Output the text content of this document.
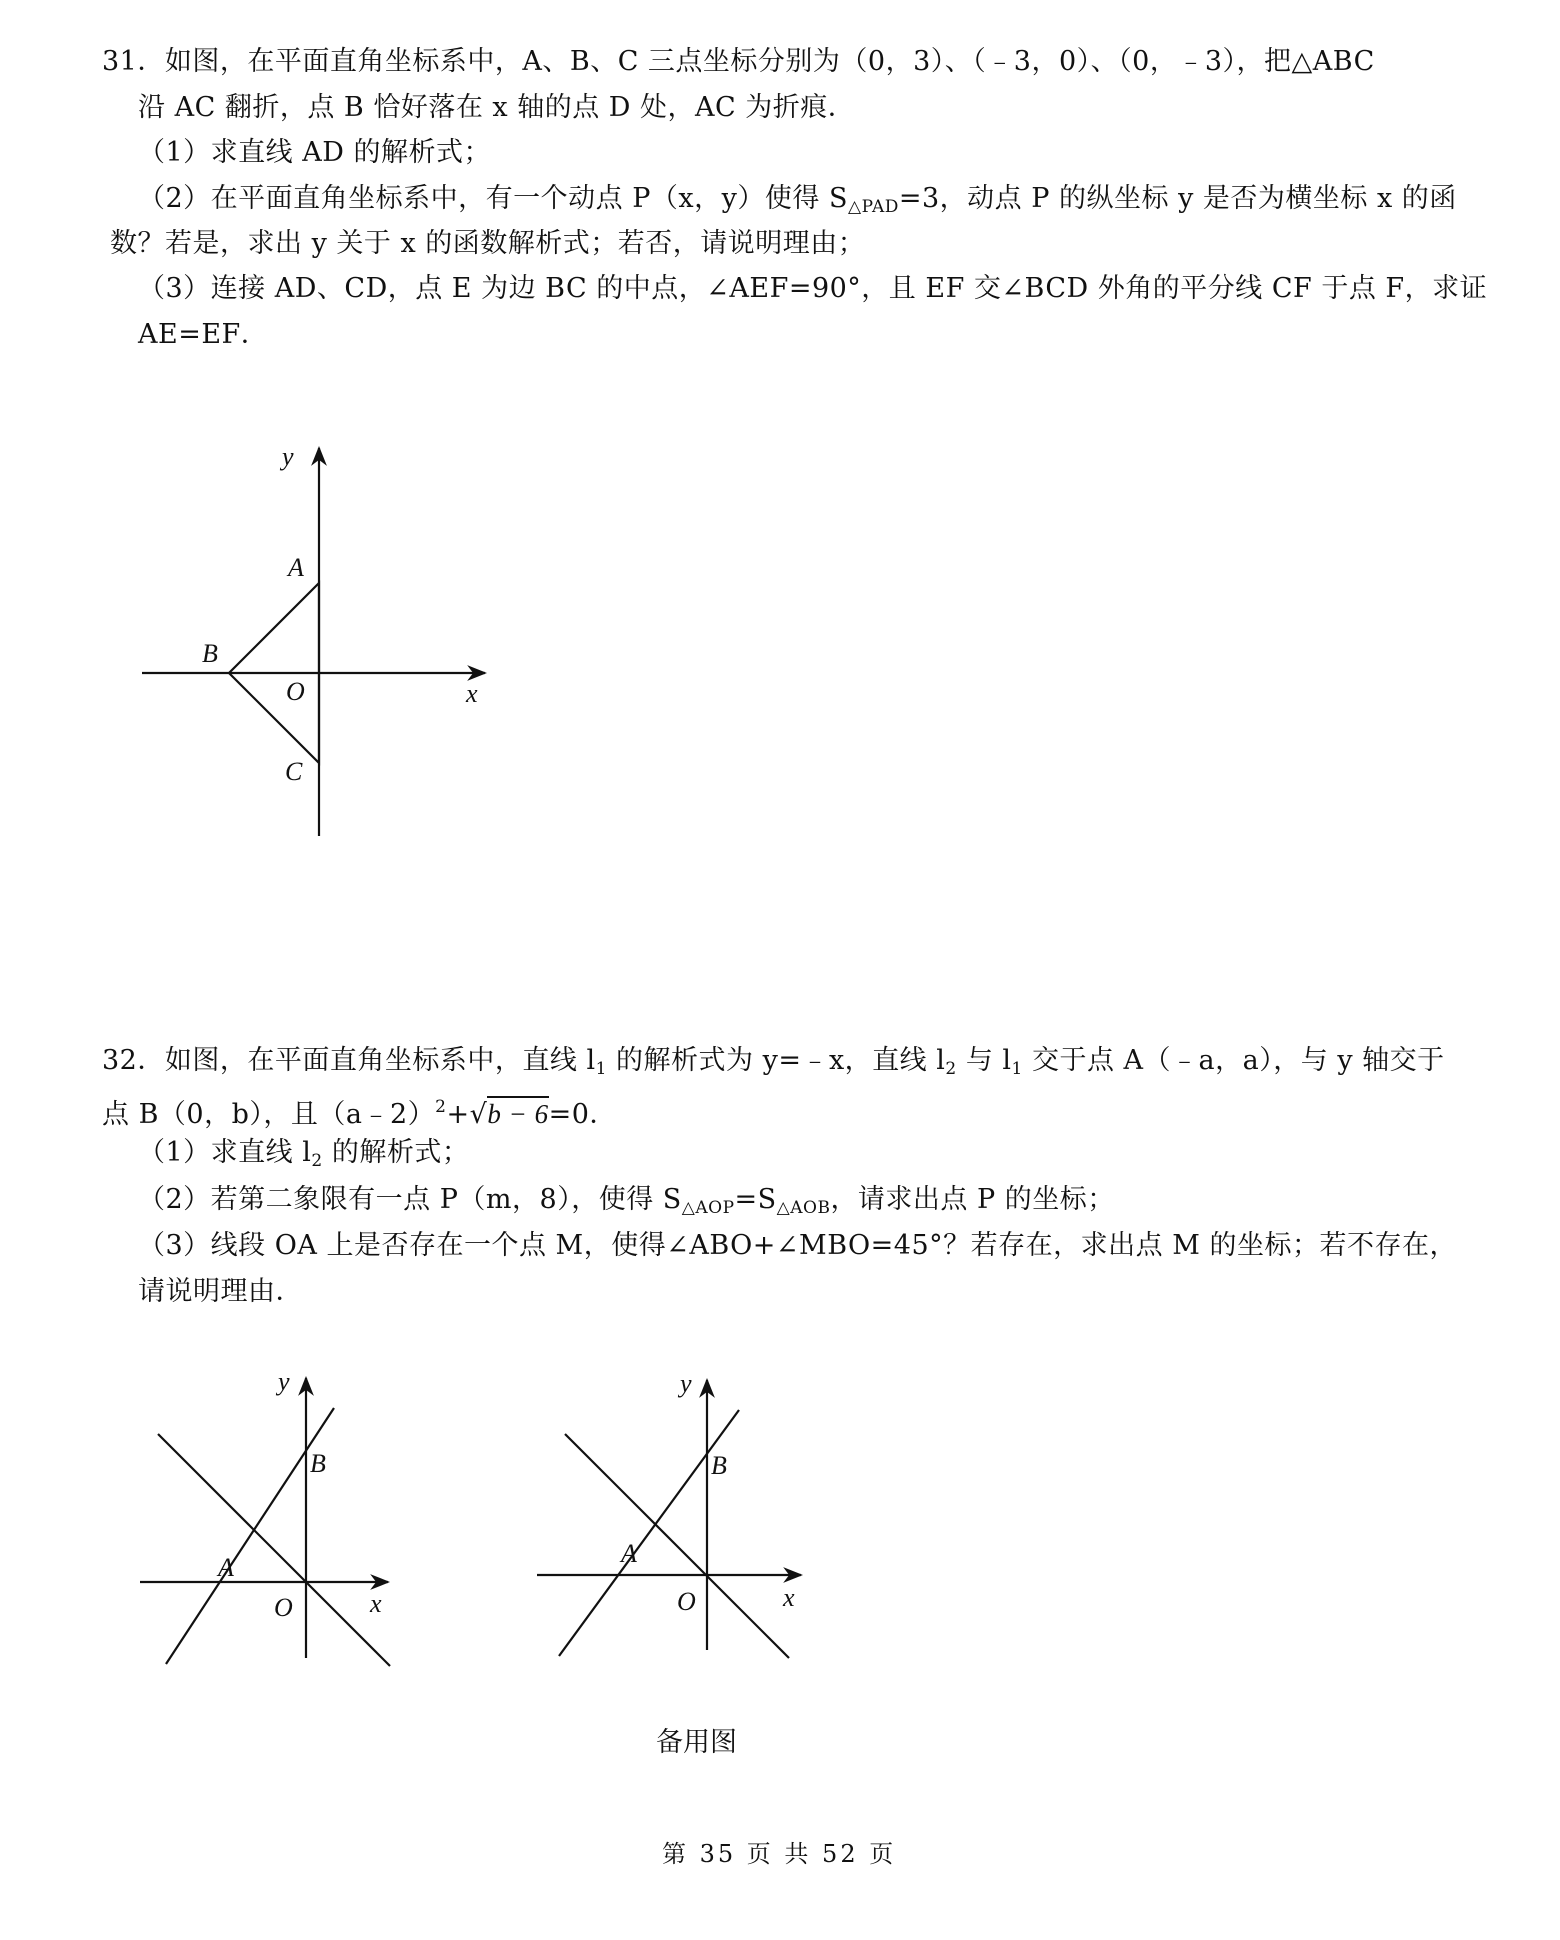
31．如图，在平面直角坐标系中，A、B、C 三点坐标分别为（0，3）、（﹣3，0）、（0，﹣3），把△ABC
沿 AC 翻折，点 B 恰好落在 x 轴的点 D 处，AC 为折痕．
（1）求直线 AD 的解析式；
（2）在平面直角坐标系中，有一个动点 P（x，y）使得 $S_{\triangle PAD}=3$，动点 P 的纵坐标 y 是否为横坐标 x 的函
数？若是，求出 y 关于 x 的函数解析式；若否，请说明理由；
（3）连接 AD、CD，点 E 为边 BC 的中点，∠AEF=90°，且 EF 交∠BCD 外角的平分线 CF 于点 F，求证
AE=EF．
y
A
B
O	x
C
32．如图，在平面直角坐标系中，直线 $l_1$ 的解析式为 y=﹣x，直线 $l_2$ 与 $l_1$ 交于点 A（﹣a，a），与 y 轴交于
点 B（0，b），且（a﹣2）$^2$+√b − 6=0．
（1）求直线 $l_2$ 的解析式；
（2）若第二象限有一点 P（m，8），使得 $S_{\triangle AOP}=S_{\triangle AOB}$，请求出点 P 的坐标；
（3）线段 OA 上是否存在一个点 M，使得∠ABO+∠MBO=45°？若存在，求出点 M 的坐标；若不存在，
请说明理由．
y
B
A
O	x
y
B
A
O	x
备用图
第 35 页 共 52 页
